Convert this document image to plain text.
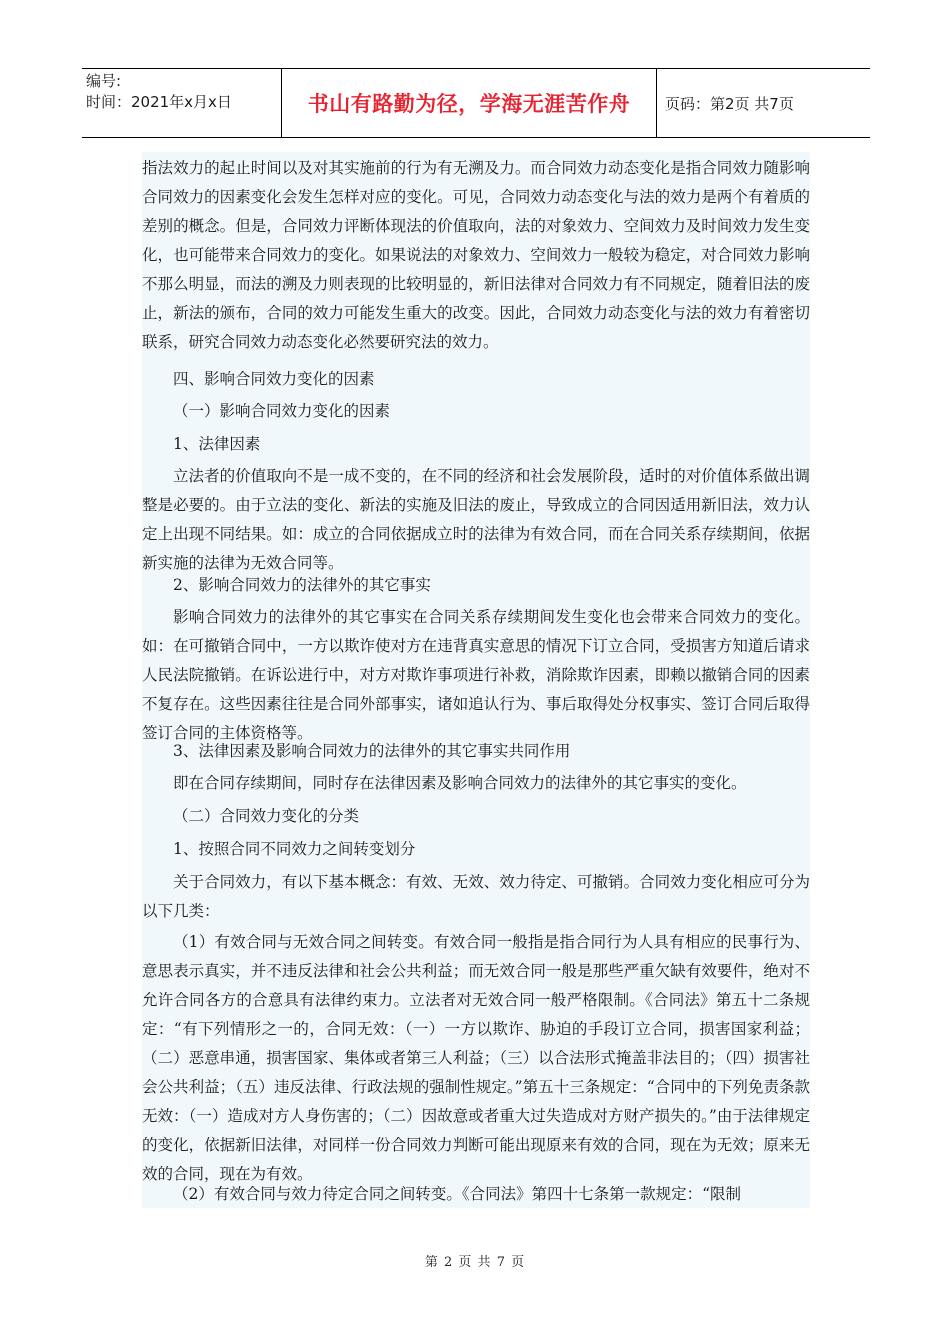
编号:
时间：2021年x月x日	书山有路勤为径，学海无涯苦作舟 页码：第2页 共7页
指法效力的起止时间以及对其实施前的行为有无溯及力。而合同效力动态变化是指合同效力随影响合同效力的因素变化会发生怎样对应的变化。可见，合同效力动态变化与法的效力是两个有着质的差别的概念。但是，合同效力评断体现法的价值取向，法的对象效力、空间效力及时间效力发生变化，也可能带来合同效力的变化。如果说法的对象效力、空间效力一般较为稳定，对合同效力影响不那么明显，而法的溯及力则表现的比较明显的，新旧法律对合同效力有不同规定，随着旧法的废止，新法的颁布，合同的效力可能发生重大的改变。因此，合同效力动态变化与法的效力有着密切联系，研究合同效力动态变化必然要研究法的效力。
四、影响合同效力变化的因素
（一）影响合同效力变化的因素
1、法律因素
立法者的价值取向不是一成不变的，在不同的经济和社会发展阶段，适时的对价值体系做出调整是必要的。由于立法的变化、新法的实施及旧法的废止，导致成立的合同因适用新旧法，效力认定上出现不同结果。如：成立的合同依据成立时的法律为有效合同，而在合同关系存续期间，依据新实施的法律为无效合同等。
2、影响合同效力的法律外的其它事实
影响合同效力的法律外的其它事实在合同关系存续期间发生变化也会带来合同效力的变化。如：在可撤销合同中，一方以欺诈使对方在违背真实意思的情况下订立合同，受损害方知道后请求人民法院撤销。在诉讼进行中，对方对欺诈事项进行补救，消除欺诈因素，即赖以撤销合同的因素不复存在。这些因素往往是合同外部事实，诸如追认行为、事后取得处分权事实、签订合同后取得签订合同的主体资格等。
3、法律因素及影响合同效力的法律外的其它事实共同作用
即在合同存续期间，同时存在法律因素及影响合同效力的法律外的其它事实的变化。
（二）合同效力变化的分类
1、按照合同不同效力之间转变划分
关于合同效力，有以下基本概念：有效、无效、效力待定、可撤销。合同效力变化相应可分为以下几类：
（1）有效合同与无效合同之间转变。有效合同一般指是指合同行为人具有相应的民事行为、意思表示真实，并不违反法律和社会公共利益；而无效合同一般是那些严重欠缺有效要件，绝对不允许合同各方的合意具有法律约束力。立法者对无效合同一般严格限制。《合同法》第五十二条规定：“有下列情形之一的，合同无效：（一）一方以欺诈、胁迫的手段订立合同，损害国家利益；（二）恶意串通，损害国家、集体或者第三人利益；（三）以合法形式掩盖非法目的；（四）损害社会公共利益；（五）违反法律、行政法规的强制性规定。”第五十三条规定：“合同中的下列免责条款无效：（一）造成对方人身伤害的；（二）因故意或者重大过失造成对方财产损失的。”由于法律规定的变化，依据新旧法律，对同样一份合同效力判断可能出现原来有效的合同，现在为无效；原来无效的合同，现在为有效。
（2）有效合同与效力待定合同之间转变。《合同法》第四十七条第一款规定：“限制
第 2 页 共 7 页
